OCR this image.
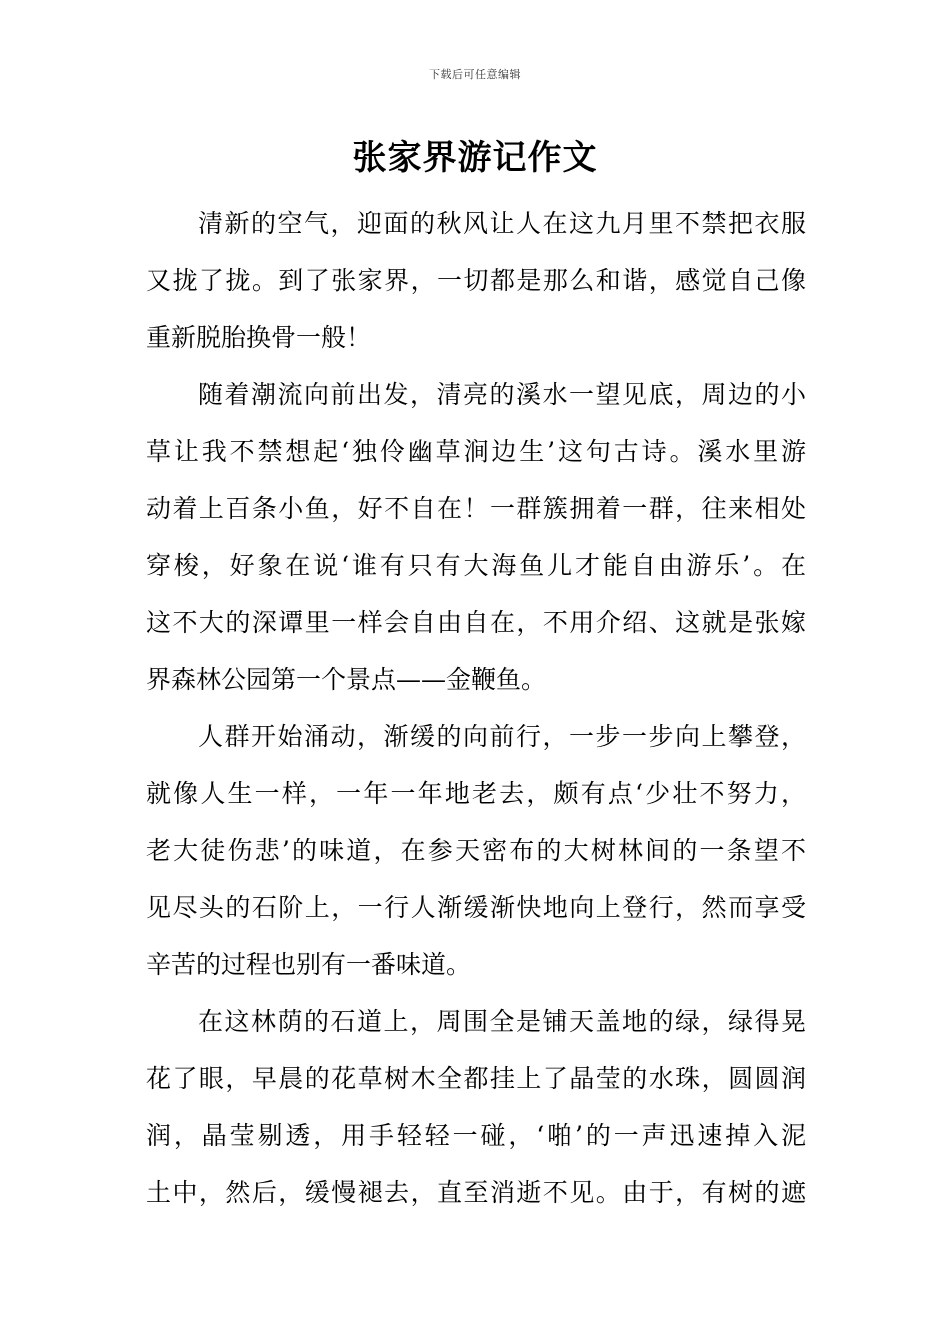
下载后可任意编辑
张家界游记作文
清新的空气，迎面的秋风让人在这九月里不禁把衣服
又拢了拢。到了张家界，一切都是那么和谐，感觉自己像
重新脱胎换骨一般！
随着潮流向前出发，清亮的溪水一望见底，周边的小
草让我不禁想起‘独伶幽草涧边生’这句古诗。溪水里游
动着上百条小鱼，好不自在！一群簇拥着一群，往来相处
穿梭，好象在说‘谁有只有大海鱼儿才能自由游乐’。在
这不大的深谭里一样会自由自在，不用介绍、这就是张嫁
界森林公园第一个景点——金鞭鱼。
人群开始涌动，渐缓的向前行，一步一步向上攀登，
就像人生一样，一年一年地老去，颇有点‘少壮不努力，
老大徒伤悲’的味道，在参天密布的大树林间的一条望不
见尽头的石阶上，一行人渐缓渐快地向上登行，然而享受
辛苦的过程也别有一番味道。
在这林荫的石道上，周围全是铺天盖地的绿，绿得晃
花了眼，早晨的花草树木全都挂上了晶莹的水珠，圆圆润
润，晶莹剔透，用手轻轻一碰，‘啪’的一声迅速掉入泥
土中，然后，缓慢褪去，直至消逝不见。由于，有树的遮
